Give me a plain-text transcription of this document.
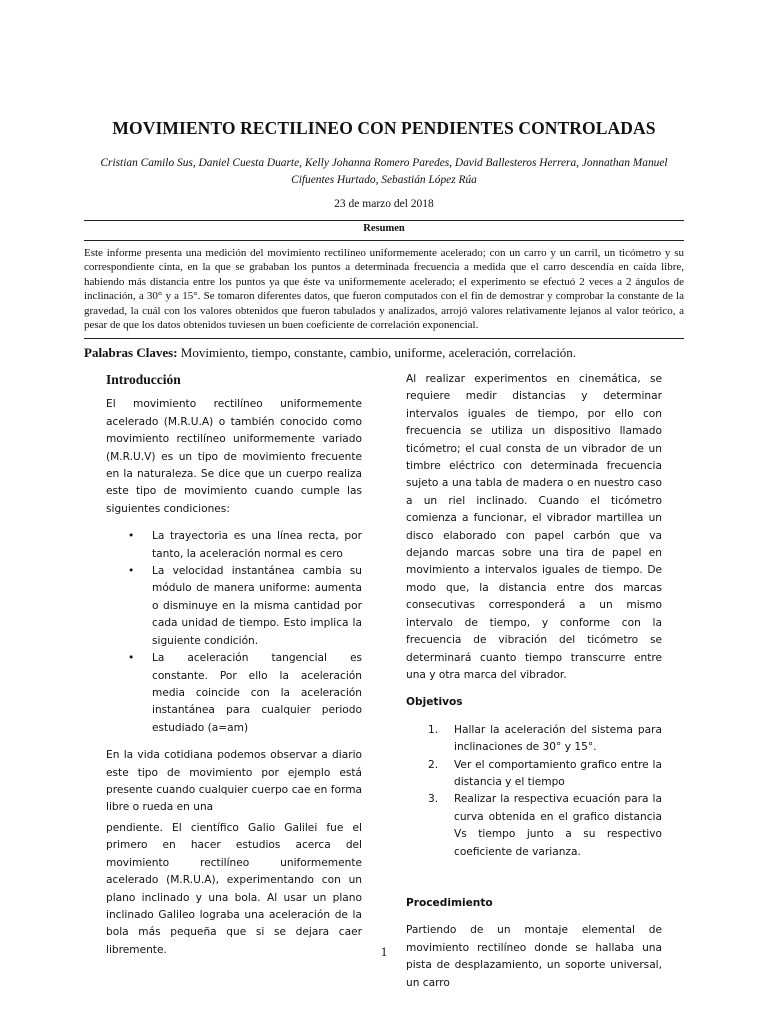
MOVIMIENTO RECTILINEO CON PENDIENTES CONTROLADAS
Cristian Camilo Sus, Daniel Cuesta Duarte, Kelly Johanna Romero Paredes, David Ballesteros Herrera, Jonnathan Manuel Cifuentes Hurtado, Sebastián López Rúa
23 de marzo del 2018
Resumen
Este informe presenta una medición del movimiento rectilíneo uniformemente acelerado; con un carro y un carril, un ticómetro y su correspondiente cinta, en la que se grababan los puntos a determinada frecuencia a medida que el carro descendía en caída libre, habiendo más distancia entre los puntos ya que éste va uniformemente acelerado; el experimento se efectuó 2 veces a 2 ángulos de inclinación, a 30° y a 15°. Se tomaron diferentes datos, que fueron computados con el fin de demostrar y comprobar la constante de la gravedad, la cuál con los valores obtenidos que fueron tabulados y analizados, arrojó valores relativamente lejanos al valor teórico, a pesar de que los datos obtenidos tuviesen un buen coeficiente de correlación exponencial.
Palabras Claves: Movimiento, tiempo, constante, cambio, uniforme, aceleración, correlación.
Introducción

El movimiento rectilíneo uniformemente acelerado (M.R.U.A) o también conocido como movimiento rectilíneo uniformemente variado (M.R.U.V) es un tipo de movimiento frecuente en la naturaleza. Se dice que un cuerpo realiza este tipo de movimiento cuando cumple las siguientes condiciones:

• La trayectoria es una línea recta, por tanto, la aceleración normal es cero
• La velocidad instantánea cambia su módulo de manera uniforme: aumenta o disminuye en la misma cantidad por cada unidad de tiempo. Esto implica la siguiente condición.
• La aceleración tangencial es constante. Por ello la aceleración media coincide con la aceleración instantánea para cualquier periodo estudiado (a=am)

En la vida cotidiana podemos observar a diario este tipo de movimiento por ejemplo está presente cuando cualquier cuerpo cae en forma libre o rueda en una

pendiente. El científico Galio Galilei fue el primero en hacer estudios acerca del movimiento rectilíneo uniformemente acelerado (M.R.U.A), experimentando con un plano inclinado y una bola. Al usar un plano inclinado Galileo lograba una aceleración de la bola más pequeña que si se dejara caer libremente.

Al realizar experimentos en cinemática, se requiere medir distancias y determinar intervalos iguales de tiempo, por ello con frecuencia se utiliza un dispositivo llamado ticómetro; el cual consta de un vibrador de un timbre eléctrico con determinada frecuencia sujeto a una tabla de madera o en nuestro caso a un riel inclinado. Cuando el ticómetro comienza a funcionar, el vibrador martillea un disco elaborado con papel carbón que va dejando marcas sobre una tira de papel en movimiento a intervalos iguales de tiempo. De modo que, la distancia entre dos marcas consecutivas corresponderá a un mismo intervalo de tiempo, y conforme con la frecuencia de vibración del ticómetro se determinará cuanto tiempo transcurre entre una y otra marca del vibrador.

Objetivos
1. Hallar la aceleración del sistema para inclinaciones de 30° y 15°.
2. Ver el comportamiento grafico entre la distancia y el tiempo
3. Realizar la respectiva ecuación para la curva obtenida en el grafico distancia Vs tiempo junto a su respectivo coeficiente de varianza.
Procedimiento

Partiendo de un montaje elemental de movimiento rectilíneo donde se hallaba una pista de desplazamiento, un soporte universal, un carro

1
